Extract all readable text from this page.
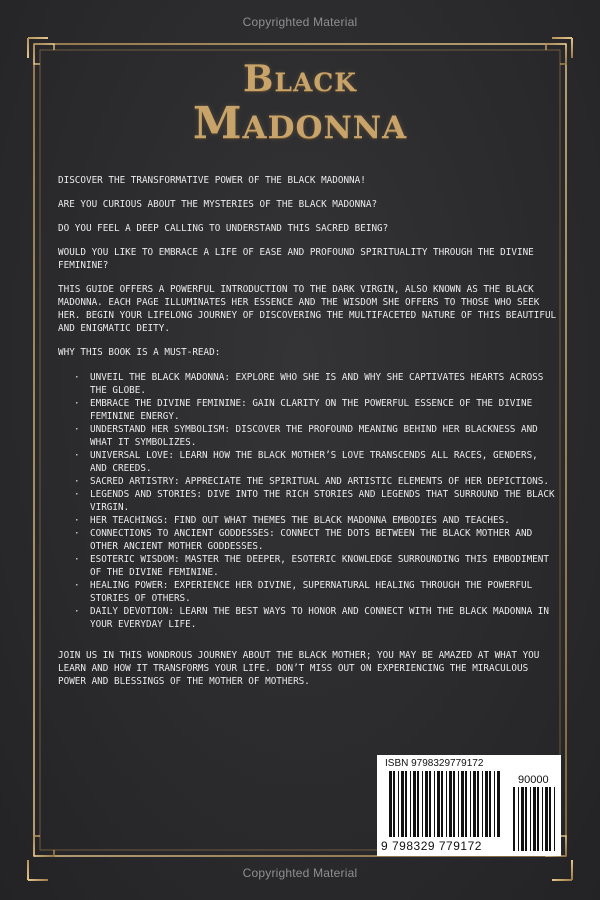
Copyrighted Material
Black
Madonna

DISCOVER THE TRANSFORMATIVE POWER OF THE BLACK MADONNA!

ARE YOU CURIOUS ABOUT THE MYSTERIES OF THE BLACK MADONNA?

DO YOU FEEL A DEEP CALLING TO UNDERSTAND THIS SACRED BEING?

WOULD YOU LIKE TO EMBRACE A LIFE OF EASE AND PROFOUND SPIRITUALITY THROUGH THE DIVINE FEMININE?

THIS GUIDE OFFERS A POWERFUL INTRODUCTION TO THE DARK VIRGIN, ALSO KNOWN AS THE BLACK MADONNA. EACH PAGE ILLUMINATES HER ESSENCE AND THE WISDOM SHE OFFERS TO THOSE WHO SEEK HER. BEGIN YOUR LIFELONG JOURNEY OF DISCOVERING THE MULTIFACETED NATURE OF THIS BEAUTIFUL AND ENIGMATIC DEITY.

WHY THIS BOOK IS A MUST-READ:

· UNVEIL THE BLACK MADONNA: EXPLORE WHO SHE IS AND WHY SHE CAPTIVATES HEARTS ACROSS THE GLOBE.
· EMBRACE THE DIVINE FEMININE: GAIN CLARITY ON THE POWERFUL ESSENCE OF THE DIVINE FEMININE ENERGY.
· UNDERSTAND HER SYMBOLISM: DISCOVER THE PROFOUND MEANING BEHIND HER BLACKNESS AND WHAT IT SYMBOLIZES.
· UNIVERSAL LOVE: LEARN HOW THE BLACK MOTHER’S LOVE TRANSCENDS ALL RACES, GENDERS, AND CREEDS.
· SACRED ARTISTRY: APPRECIATE THE SPIRITUAL AND ARTISTIC ELEMENTS OF HER DEPICTIONS.
· LEGENDS AND STORIES: DIVE INTO THE RICH STORIES AND LEGENDS THAT SURROUND THE BLACK VIRGIN.
· HER TEACHINGS: FIND OUT WHAT THEMES THE BLACK MADONNA EMBODIES AND TEACHES.
· CONNECTIONS TO ANCIENT GODDESSES: CONNECT THE DOTS BETWEEN THE BLACK MOTHER AND OTHER ANCIENT MOTHER GODDESSES.
· ESOTERIC WISDOM: MASTER THE DEEPER, ESOTERIC KNOWLEDGE SURROUNDING THIS EMBODIMENT OF THE DIVINE FEMININE.
· HEALING POWER: EXPERIENCE HER DIVINE, SUPERNATURAL HEALING THROUGH THE POWERFUL STORIES OF OTHERS.
· DAILY DEVOTION: LEARN THE BEST WAYS TO HONOR AND CONNECT WITH THE BLACK MADONNA IN YOUR EVERYDAY LIFE.

JOIN US IN THIS WONDROUS JOURNEY ABOUT THE BLACK MOTHER; YOU MAY BE AMAZED AT WHAT YOU LEARN AND HOW IT TRANSFORMS YOUR LIFE. DON’T MISS OUT ON EXPERIENCING THE MIRACULOUS POWER AND BLESSINGS OF THE MOTHER OF MOTHERS.

ISBN 9798329779172
90000
9 798329 779172
Copyrighted Material
